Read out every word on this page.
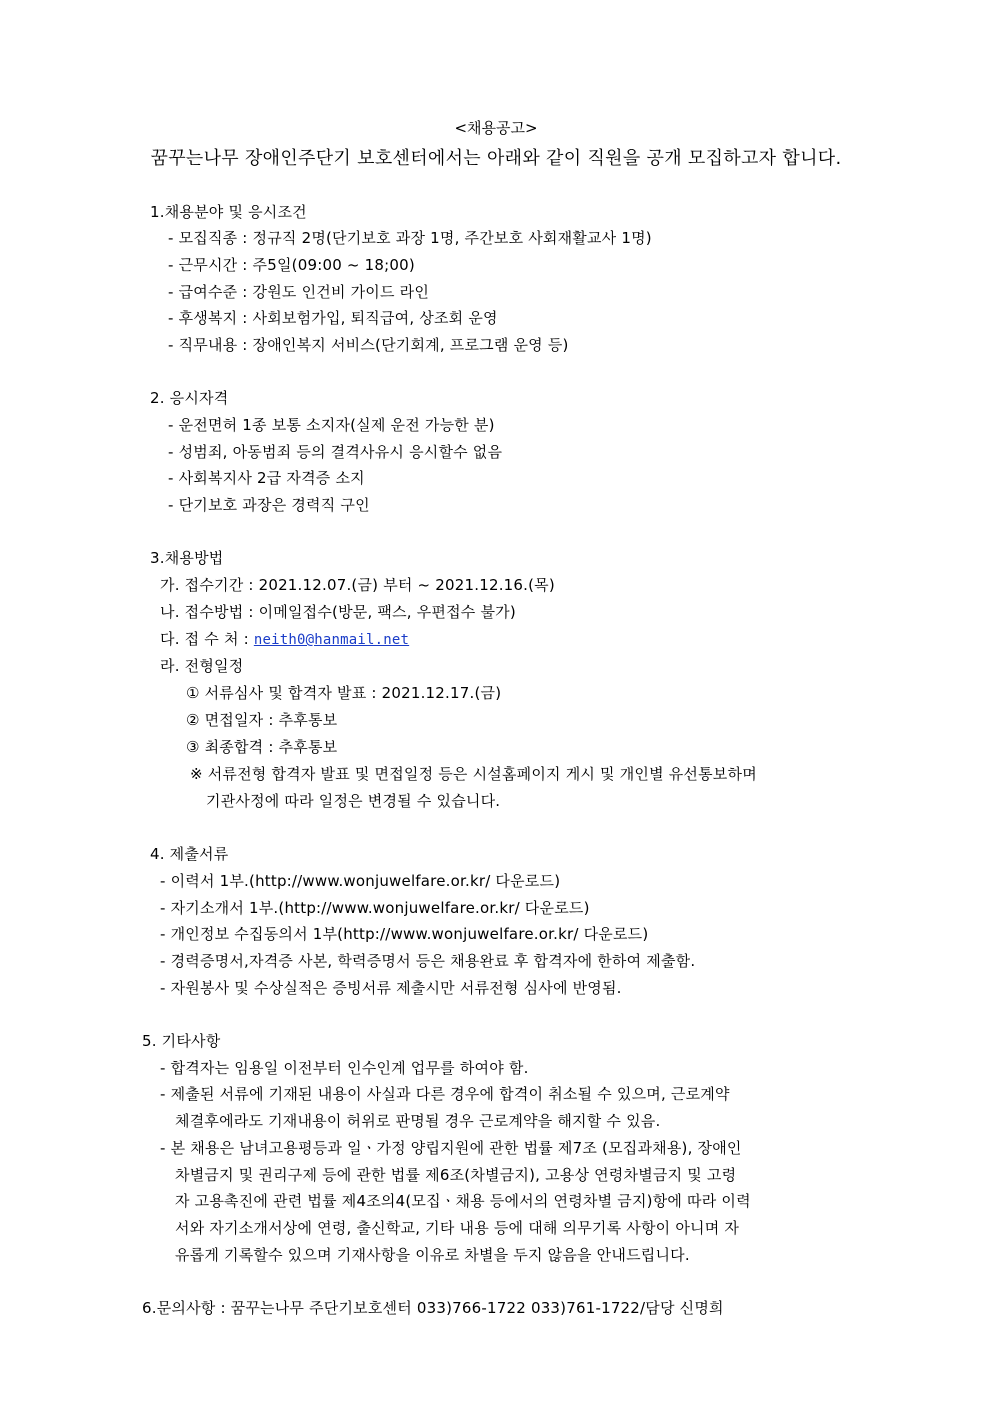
<채용공고>
꿈꾸는나무 장애인주단기 보호센터에서는 아래와 같이 직원을 공개 모집하고자 합니다.
1.채용분야 및 응시조건
- 모집직종 : 정규직 2명(단기보호 과장 1명, 주간보호 사회재활교사 1명)
- 근무시간 : 주5일(09:00 ~ 18;00)
- 급여수준 : 강원도 인건비 가이드 라인
- 후생복지 : 사회보험가입, 퇴직급여, 상조회 운영
- 직무내용 : 장애인복지 서비스(단기회계, 프로그램 운영 등)
2. 응시자격
- 운전면허 1종 보통 소지자(실제 운전 가능한 분)
- 성범죄, 아동범죄 등의 결격사유시 응시할수 없음
- 사회복지사 2급 자격증 소지
- 단기보호 과장은 경력직 구인
3.채용방법
가. 접수기간 : 2021.12.07.(금) 부터 ~ 2021.12.16.(목)
나. 접수방법 : 이메일접수(방문, 팩스, 우편접수 불가)
다. 접 수 처 : neith0@hanmail.net
라. 전형일정
① 서류심사 및 합격자 발표 : 2021.12.17.(금)
② 면접일자 : 추후통보
③ 최종합격 : 추후통보
※ 서류전형 합격자 발표 및 면접일정 등은 시설홈페이지 게시 및 개인별 유선통보하며
기관사정에 따라 일정은 변경될 수 있습니다.
4. 제출서류
- 이력서 1부.(http://www.wonjuwelfare.or.kr/ 다운로드)
- 자기소개서 1부.(http://www.wonjuwelfare.or.kr/ 다운로드)
- 개인정보 수집동의서 1부(http://www.wonjuwelfare.or.kr/ 다운로드)
- 경력증명서,자격증 사본, 학력증명서 등은 채용완료 후 합격자에 한하여 제출함.
- 자원봉사 및 수상실적은 증빙서류 제출시만 서류전형 심사에 반영됨.
5. 기타사항
- 합격자는 임용일 이전부터 인수인계 업무를 하여야 함.
- 제출된 서류에 기재된 내용이 사실과 다른 경우에 합격이 취소될 수 있으며, 근로계약
체결후에라도 기재내용이 허위로 판명될 경우 근로계약을 해지할 수 있음.
- 본 채용은 남녀고용평등과 일ㆍ가정 양립지원에 관한 법률 제7조 (모집과채용), 장애인
차별금지 및 권리구제 등에 관한 법률 제6조(차별금지), 고용상 연령차별금지 및 고령
자 고용촉진에 관련 법률 제4조의4(모집ㆍ채용 등에서의 연령차별 금지)항에 따라 이력
서와 자기소개서상에 연령, 출신학교, 기타 내용 등에 대해 의무기록 사항이 아니며 자
유롭게 기록할수 있으며 기재사항을 이유로 차별을 두지 않음을 안내드립니다.
6.문의사항 : 꿈꾸는나무 주단기보호센터 033)766-1722 033)761-1722/담당 신명희
